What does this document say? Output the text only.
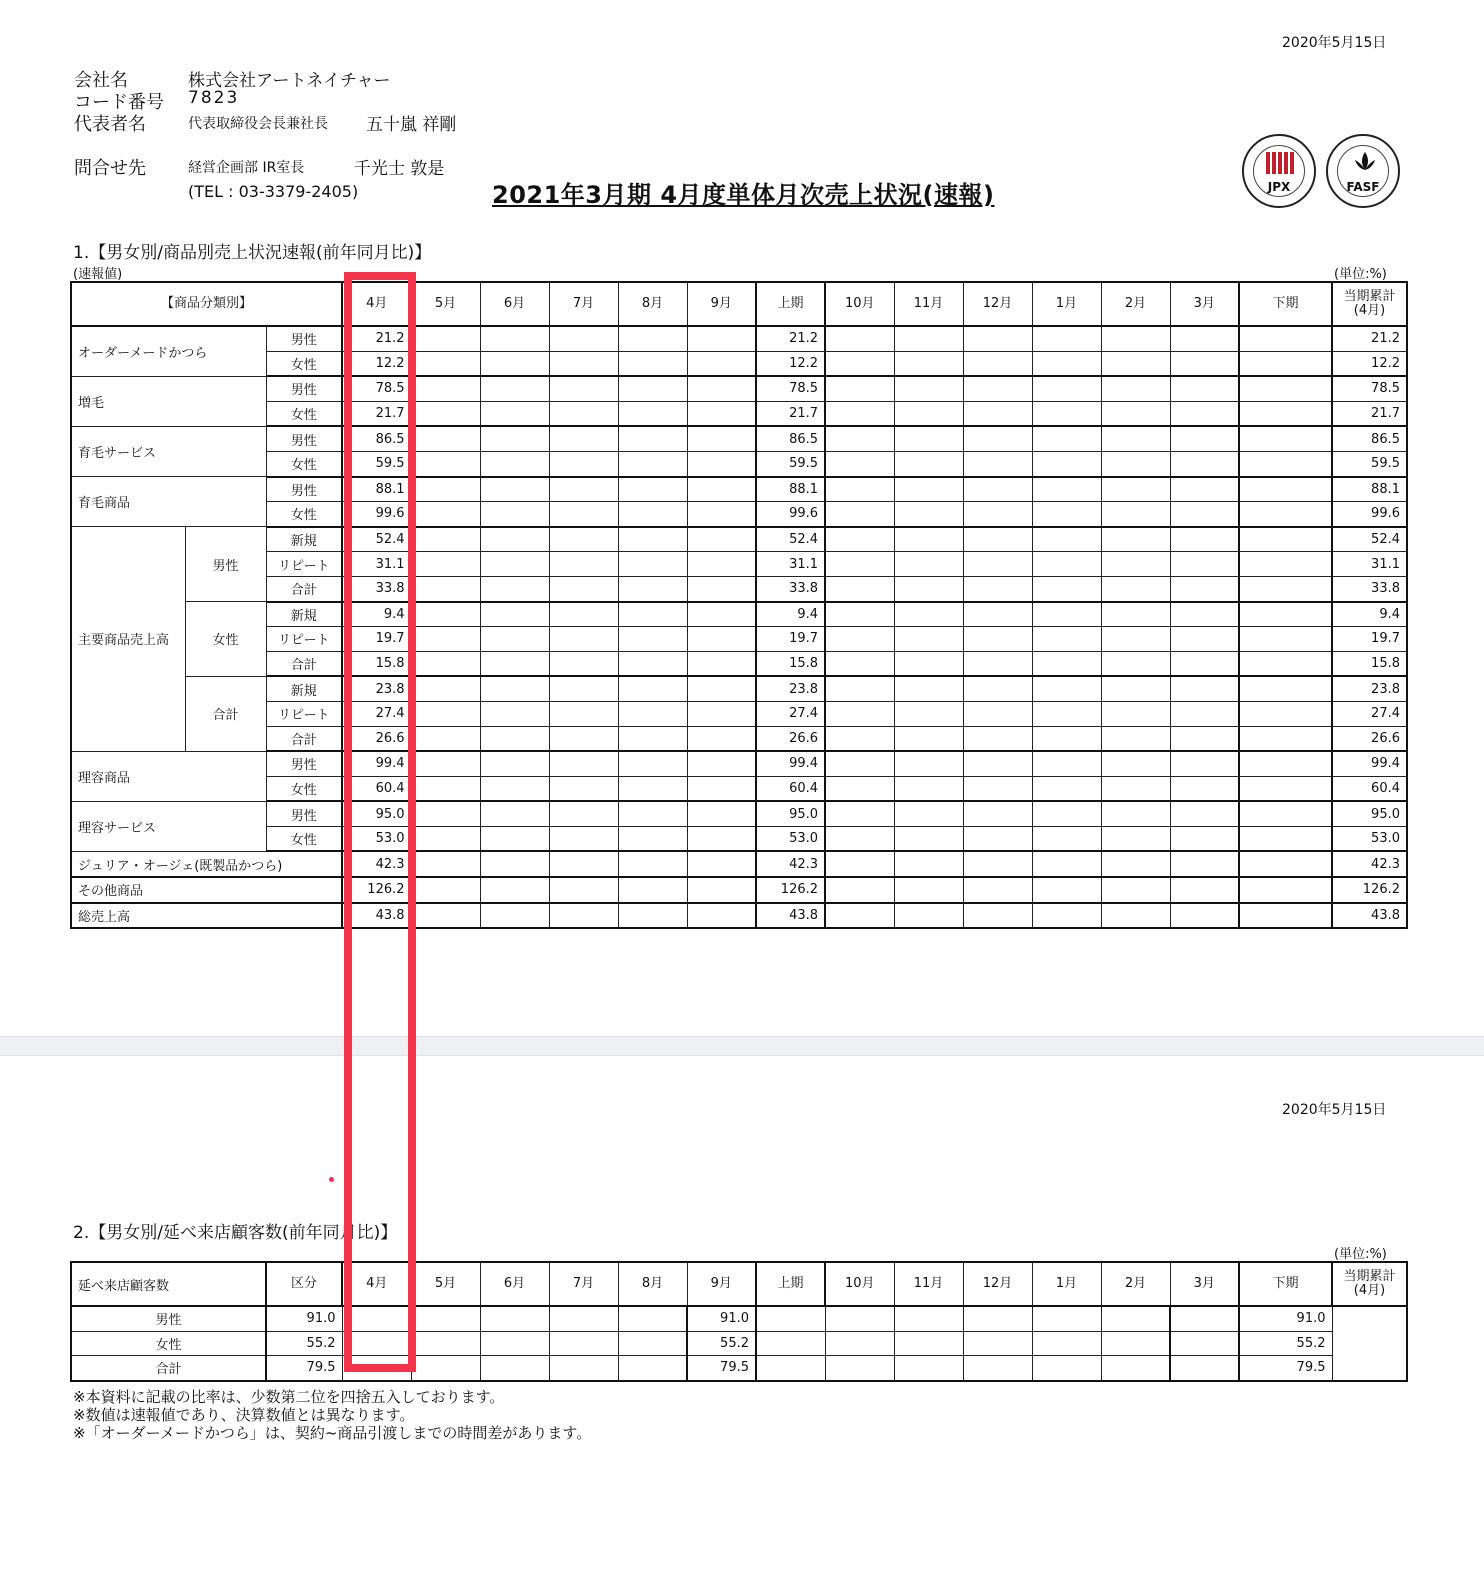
2020年5月15日
会社名	株式会社アートネイチャー
コード番号 7823
代表者名	代表取締役会長兼社長 五十嵐 祥剛
問合せ先	経営企画部 IR室長	千光士 敦是
(TEL : 03-3379-2405)	2021年3月期 4月度単体月次売上状況(速報)	JPX	FASF
1.【男女別/商品別売上状況速報(前年同月比)】
(速報値)	(単位:%)
【商品分類別】			4月	5月	6月	7月	8月	9月	上期	10月	11月	12月	1月	2月	3月	下期	当期累計
(4月)
オーダーメードかつら		男性	21.2						21.2								21.2
		女性	12.2						12.2								12.2
増毛		男性	78.5						78.5								78.5
		女性	21.7						21.7								21.7
育毛サービス		男性	86.5						86.5								86.5
		女性	59.5						59.5								59.5
育毛商品		男性	88.1						88.1								88.1
		女性	99.6						99.6								99.6
主要商品売上高	男性	新規	52.4						52.4								52.4
		リピート	31.1						31.1								31.1
		合計	33.8						33.8								33.8
	女性	新規	9.4						9.4								9.4
		リピート	19.7						19.7								19.7
		合計	15.8						15.8								15.8
	合計	新規	23.8						23.8								23.8
		リピート	27.4						27.4								27.4
		合計	26.6						26.6								26.6
理容商品		男性	99.4						99.4								99.4
		女性	60.4						60.4								60.4
理容サービス		男性	95.0						95.0								95.0
		女性	53.0						53.0								53.0
ジュリア・オージェ(既製品かつら)			42.3						42.3								42.3
その他商品			126.2						126.2								126.2
総売上高			43.8						43.8								43.8
2020年5月15日
2.【男女別/延べ来店顧客数(前年同月比)】
(単位:%)
延べ来店顧客数	区分	4月	5月	6月	7月	8月	9月	上期	10月	11月	12月	1月	2月	3月	下期	当期累計
(4月)
男性	91.0						91.0								91.0	
女性	55.2						55.2								55.2	
合計	79.5						79.5								79.5	
※本資料に記載の比率は、少数第二位を四捨五入しております。
※数値は速報値であり、決算数値とは異なります。
※「オーダーメードかつら」は、契約~商品引渡しまでの時間差があります。
